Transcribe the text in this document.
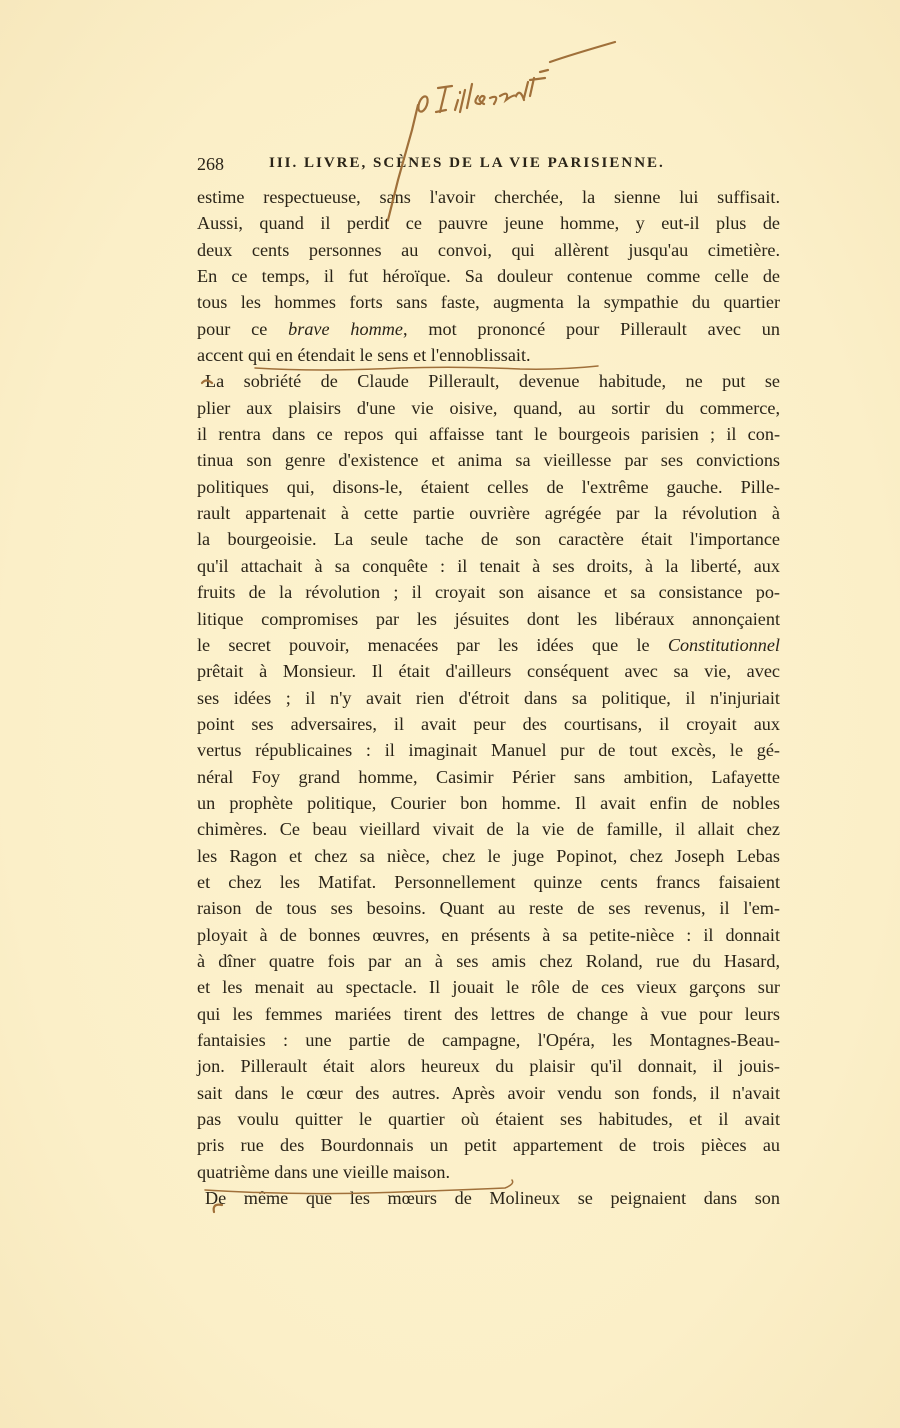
268	III. LIVRE, SCÈNES DE LA VIE PARISIENNE.
estime respectueuse, sans l'avoir cherchée, la sienne lui suffisait.
Aussi, quand il perdit ce pauvre jeune homme, y eut-il plus de
deux cents personnes au convoi, qui allèrent jusqu'au cimetière.
En ce temps, il fut héroïque. Sa douleur contenue comme celle de
tous les hommes forts sans faste, augmenta la sympathie du quartier
pour ce brave homme, mot prononcé pour Pillerault avec un
accent qui en étendait le sens et l'ennoblissait.
La sobriété de Claude Pillerault, devenue habitude, ne put se
plier aux plaisirs d'une vie oisive, quand, au sortir du commerce,
il rentra dans ce repos qui affaisse tant le bourgeois parisien ; il con-
tinua son genre d'existence et anima sa vieillesse par ses convictions
politiques qui, disons-le, étaient celles de l'extrême gauche. Pille-
rault appartenait à cette partie ouvrière agrégée par la révolution à
la bourgeoisie. La seule tache de son caractère était l'importance
qu'il attachait à sa conquête : il tenait à ses droits, à la liberté, aux
fruits de la révolution ; il croyait son aisance et sa consistance po-
litique compromises par les jésuites dont les libéraux annonçaient
le secret pouvoir, menacées par les idées que le Constitutionnel
prêtait à Monsieur. Il était d'ailleurs conséquent avec sa vie, avec
ses idées ; il n'y avait rien d'étroit dans sa politique, il n'injuriait
point ses adversaires, il avait peur des courtisans, il croyait aux
vertus républicaines : il imaginait Manuel pur de tout excès, le gé-
néral Foy grand homme, Casimir Périer sans ambition, Lafayette
un prophète politique, Courier bon homme. Il avait enfin de nobles
chimères. Ce beau vieillard vivait de la vie de famille, il allait chez
les Ragon et chez sa nièce, chez le juge Popinot, chez Joseph Lebas
et chez les Matifat. Personnellement quinze cents francs faisaient
raison de tous ses besoins. Quant au reste de ses revenus, il l'em-
ployait à de bonnes œuvres, en présents à sa petite-nièce : il donnait
à dîner quatre fois par an à ses amis chez Roland, rue du Hasard,
et les menait au spectacle. Il jouait le rôle de ces vieux garçons sur
qui les femmes mariées tirent des lettres de change à vue pour leurs
fantaisies : une partie de campagne, l'Opéra, les Montagnes-Beau-
jon. Pillerault était alors heureux du plaisir qu'il donnait, il jouis-
sait dans le cœur des autres. Après avoir vendu son fonds, il n'avait
pas voulu quitter le quartier où étaient ses habitudes, et il avait
pris rue des Bourdonnais un petit appartement de trois pièces au
quatrième dans une vieille maison.
De même que les mœurs de Molineux se peignaient dans son
